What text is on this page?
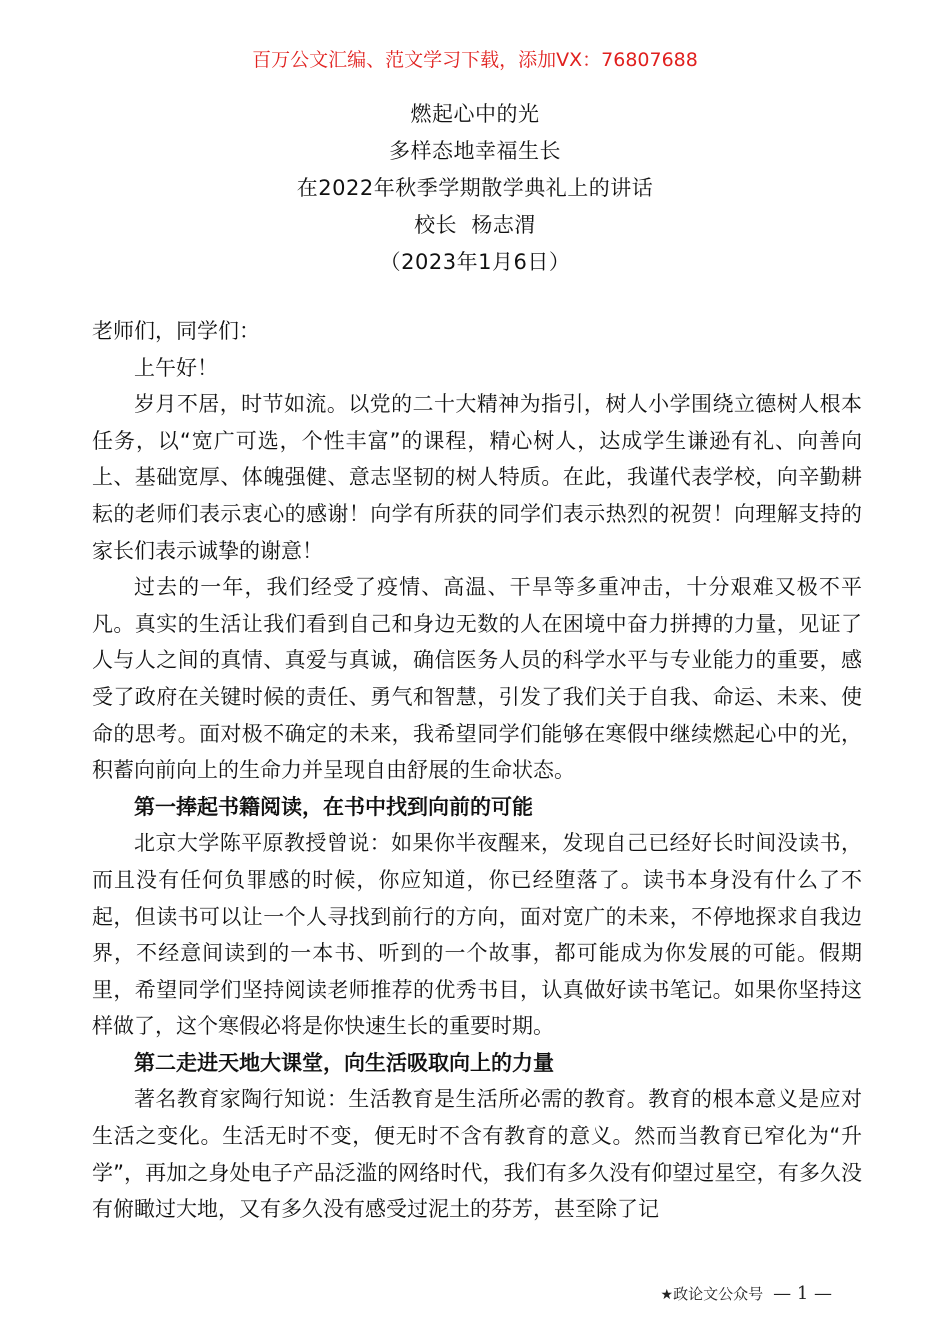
百万公文汇编、范文学习下载，添加VX：76807688
燃起心中的光
多样态地幸福生长
在2022年秋季学期散学典礼上的讲话
校长  杨志渭
（2023年1月6日）

老师们，同学们：

上午好！

岁月不居，时节如流。以党的二十大精神为指引，树人小学围绕立德树人根本任务，以“宽广可选，个性丰富”的课程，精心树人，达成学生谦逊有礼、向善向上、基础宽厚、体魄强健、意志坚韧的树人特质。在此，我谨代表学校，向辛勤耕耘的老师们表示衷心的感谢！向学有所获的同学们表示热烈的祝贺！向理解支持的家长们表示诚挚的谢意！

过去的一年，我们经受了疫情、高温、干旱等多重冲击，十分艰难又极不平凡。真实的生活让我们看到自己和身边无数的人在困境中奋力拼搏的力量，见证了人与人之间的真情、真爱与真诚，确信医务人员的科学水平与专业能力的重要，感受了政府在关键时候的责任、勇气和智慧，引发了我们关于自我、命运、未来、使命的思考。面对极不确定的未来，我希望同学们能够在寒假中继续燃起心中的光，积蓄向前向上的生命力并呈现自由舒展的生命状态。

第一捧起书籍阅读，在书中找到向前的可能

北京大学陈平原教授曾说：如果你半夜醒来，发现自己已经好长时间没读书，而且没有任何负罪感的时候，你应知道，你已经堕落了。读书本身没有什么了不起，但读书可以让一个人寻找到前行的方向，面对宽广的未来，不停地探求自我边界，不经意间读到的一本书、听到的一个故事，都可能成为你发展的可能。假期里，希望同学们坚持阅读老师推荐的优秀书目，认真做好读书笔记。如果你坚持这样做了，这个寒假必将是你快速生长的重要时期。

第二走进天地大课堂，向生活吸取向上的力量

著名教育家陶行知说：生活教育是生活所必需的教育。教育的根本意义是应对生活之变化。生活无时不变，便无时不含有教育的意义。然而当教育已窄化为“升学”，再加之身处电子产品泛滥的网络时代，我们有多久没有仰望过星空，有多久没有俯瞰过大地，又有多久没有感受过泥土的芬芳，甚至除了记

★政论文公众号 — 1 —
